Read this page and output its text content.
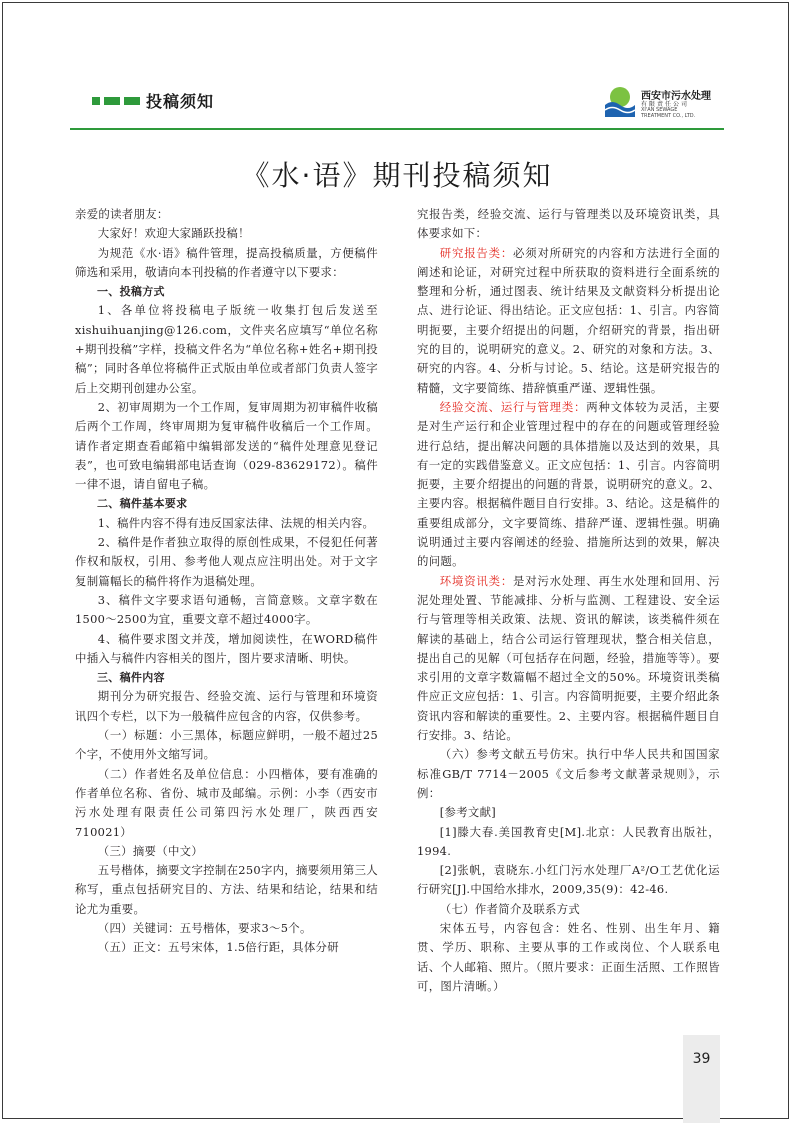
投稿须知	西安市污水处理
有限责任公司
XI'AN SEWAGE
TREATMENT CO., LTD.
《水·语》期刊投稿须知

亲爱的读者朋友：

大家好！欢迎大家踊跃投稿！

为规范《水·语》稿件管理，提高投稿质量，方便稿件筛选和采用，敬请向本刊投稿的作者遵守以下要求：

一、投稿方式

1、各单位将投稿电子版统一收集打包后发送至xishuihuanjing@126.com，文件夹名应填写“单位名称+期刊投稿”字样，投稿文件名为“单位名称+姓名+期刊投稿”；同时各单位将稿件正式版由单位或者部门负责人签字后上交期刊创建办公室。

2、初审周期为一个工作周，复审周期为初审稿件收稿后两个工作周，终审周期为复审稿件收稿后一个工作周。请作者定期查看邮箱中编辑部发送的“稿件处理意见登记表”，也可致电编辑部电话查询（029-83629172）。稿件一律不退，请自留电子稿。

二、稿件基本要求

1、稿件内容不得有违反国家法律、法规的相关内容。

2、稿件是作者独立取得的原创性成果，不侵犯任何著作权和版权，引用、参考他人观点应注明出处。对于文字复制篇幅长的稿件将作为退稿处理。

3、稿件文字要求语句通畅，言简意赅。文章字数在1500～2500为宜，重要文章不超过4000字。

4、稿件要求图文并茂，增加阅读性，在WORD稿件中插入与稿件内容相关的图片，图片要求清晰、明快。

三、稿件内容

期刊分为研究报告、经验交流、运行与管理和环境资讯四个专栏，以下为一般稿件应包含的内容，仅供参考。

（一）标题：小三黑体，标题应鲜明，一般不超过25个字，不使用外文缩写词。

（二）作者姓名及单位信息：小四楷体，要有准确的作者单位名称、省份、城市及邮编。示例：小李（西安市污水处理有限责任公司第四污水处理厂，陕西西安710021）

（三）摘要（中文）

五号楷体，摘要文字控制在250字内，摘要须用第三人称写，重点包括研究目的、方法、结果和结论，结果和结论尤为重要。

（四）关键词：五号楷体，要求3～5个。

（五）正文：五号宋体，1.5倍行距，具体分研

究报告类，经验交流、运行与管理类以及环境资讯类，具体要求如下：

研究报告类：必须对所研究的内容和方法进行全面的阐述和论证，对研究过程中所获取的资料进行全面系统的整理和分析，通过图表、统计结果及文献资料分析提出论点、进行论证、得出结论。正文应包括：1、引言。内容简明扼要，主要介绍提出的问题，介绍研究的背景，指出研究的目的，说明研究的意义。2、研究的对象和方法。3、研究的内容。4、分析与讨论。5、结论。这是研究报告的精髓，文字要简练、措辞慎重严谨、逻辑性强。

经验交流、运行与管理类：两种文体较为灵活，主要是对生产运行和企业管理过程中的存在的问题或管理经验进行总结，提出解决问题的具体措施以及达到的效果，具有一定的实践借鉴意义。正文应包括：1、引言。内容简明扼要，主要介绍提出的问题的背景，说明研究的意义。2、主要内容。根据稿件题目自行安排。3、结论。这是稿件的重要组成部分，文字要简练、措辞严谨、逻辑性强。明确说明通过主要内容阐述的经验、措施所达到的效果，解决的问题。

环境资讯类：是对污水处理、再生水处理和回用、污泥处理处置、节能减排、分析与监测、工程建设、安全运行与管理等相关政策、法规、资讯的解读，该类稿件须在解读的基础上，结合公司运行管理现状，整合相关信息，提出自己的见解（可包括存在问题，经验，措施等等）。要求引用的文章字数篇幅不超过全文的50%。环境资讯类稿件应正文应包括：1、引言。内容简明扼要，主要介绍此条资讯内容和解读的重要性。2、主要内容。根据稿件题目自行安排。3、结论。

（六）参考文献五号仿宋。执行中华人民共和国国家标准GB/T 7714－2005《文后参考文献著录规则》，示例：

[参考文献]

[1]滕大春.美国教育史[M].北京：人民教育出版社，1994.

[2]张帆，袁晓东.小红门污水处理厂A²/O工艺优化运行研究[J].中国给水排水，2009,35(9)：42-46.

（七）作者简介及联系方式

宋体五号，内容包含：姓名、性别、出生年月、籍贯、学历、职称、主要从事的工作或岗位、个人联系电话、个人邮箱、照片。（照片要求：正面生活照、工作照皆可，图片清晰。）

39
